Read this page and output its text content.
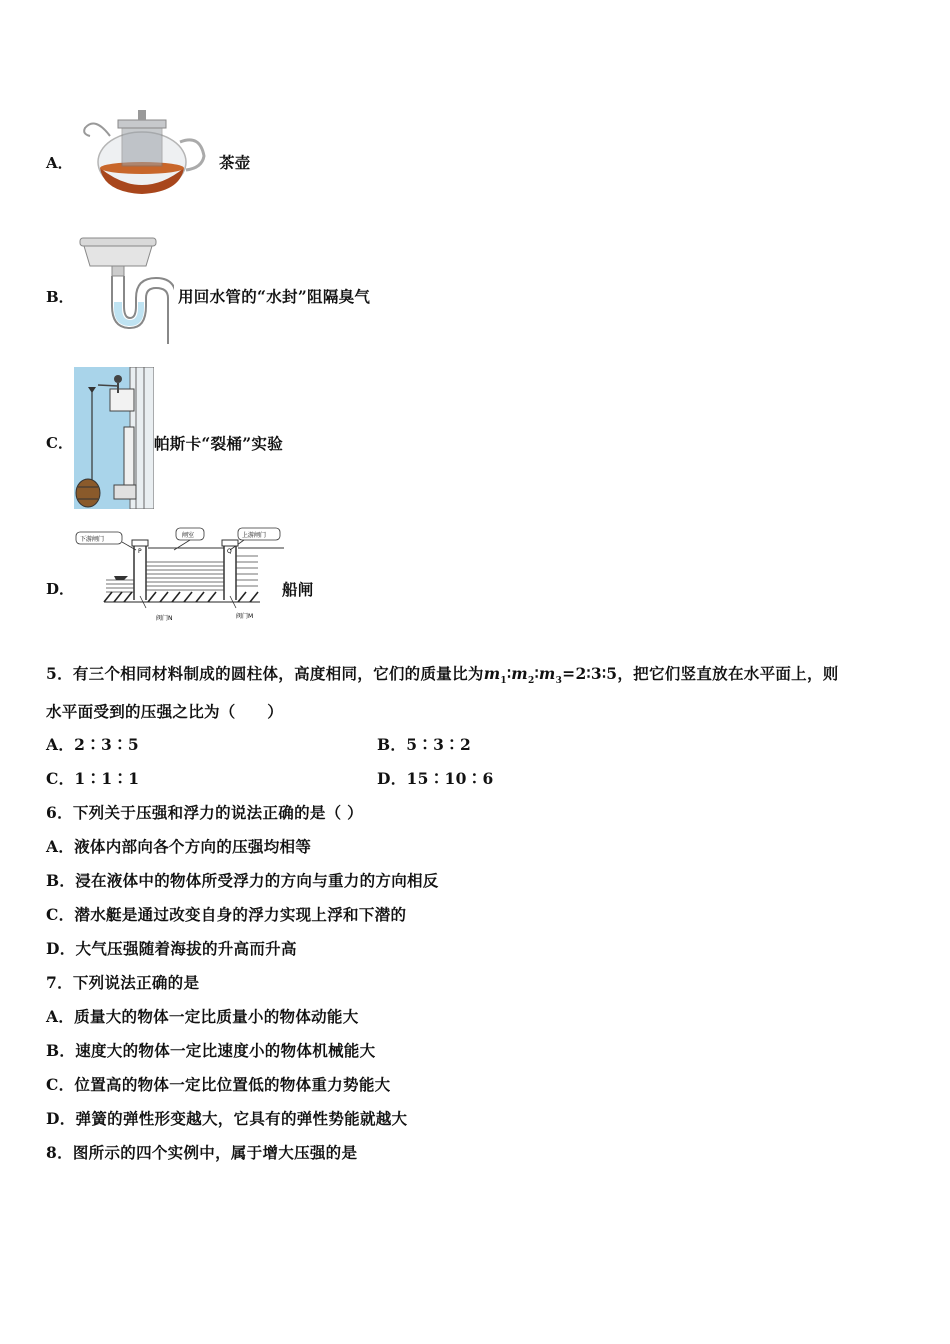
A．	茶壶
B．	用回水管的“水封”阻隔臭气
C．	帕斯卡“裂桶”实验
D．
下游闸门
闸室	上游闸门
P	Q
阀门N	阀门M
船闸
5．有三个相同材料制成的圆柱体，高度相同，它们的质量比为$m_1∶m_2∶m_3=2∶3∶5$，把它们竖直放在水平面上，则
水平面受到的压强之比为（　　）
A．2∶3∶5	B．5∶3∶2
C．1∶1∶1	D．15∶10∶6
6．下列关于压强和浮力的说法正确的是（ ）
A．液体内部向各个方向的压强均相等
B．浸在液体中的物体所受浮力的方向与重力的方向相反
C．潜水艇是通过改变自身的浮力实现上浮和下潜的
D．大气压强随着海拔的升高而升高
7．下列说法正确的是
A．质量大的物体一定比质量小的物体动能大
B．速度大的物体一定比速度小的物体机械能大
C．位置高的物体一定比位置低的物体重力势能大
D．弹簧的弹性形变越大，它具有的弹性势能就越大
8．图所示的四个实例中，属于增大压强的是
